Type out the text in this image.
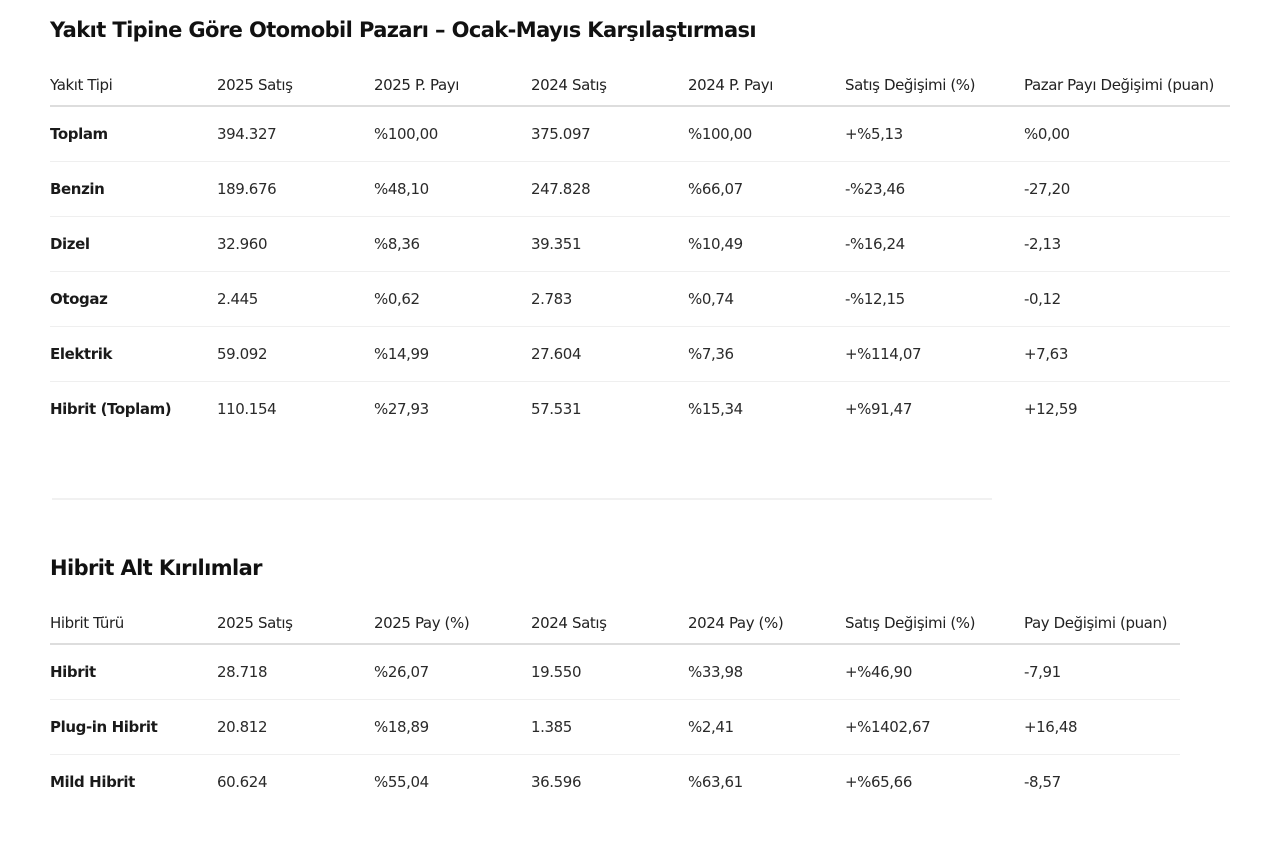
Yakıt Tipine Göre Otomobil Pazarı – Ocak-Mayıs Karşılaştırması
Yakıt Tipi	2025 Satış	2025 P. Payı	2024 Satış	2024 P. Payı	Satış Değişimi (%)	Pazar Payı Değişimi (puan)
Toplam	394.327	%100,00	375.097	%100,00	+%5,13	%0,00
Benzin	189.676	%48,10	247.828	%66,07	-%23,46	-27,20
Dizel	32.960	%8,36	39.351	%10,49	-%16,24	-2,13
Otogaz	2.445	%0,62	2.783	%0,74	-%12,15	-0,12
Elektrik	59.092	%14,99	27.604	%7,36	+%114,07	+7,63
Hibrit (Toplam)	110.154	%27,93	57.531	%15,34	+%91,47	+12,59
Hibrit Alt Kırılımlar
Hibrit Türü	2025 Satış	2025 Pay (%)	2024 Satış	2024 Pay (%)	Satış Değişimi (%)	Pay Değişimi (puan)
Hibrit	28.718	%26,07	19.550	%33,98	+%46,90	-7,91
Plug-in Hibrit	20.812	%18,89	1.385	%2,41	+%1402,67	+16,48
Mild Hibrit	60.624	%55,04	36.596	%63,61	+%65,66	-8,57
